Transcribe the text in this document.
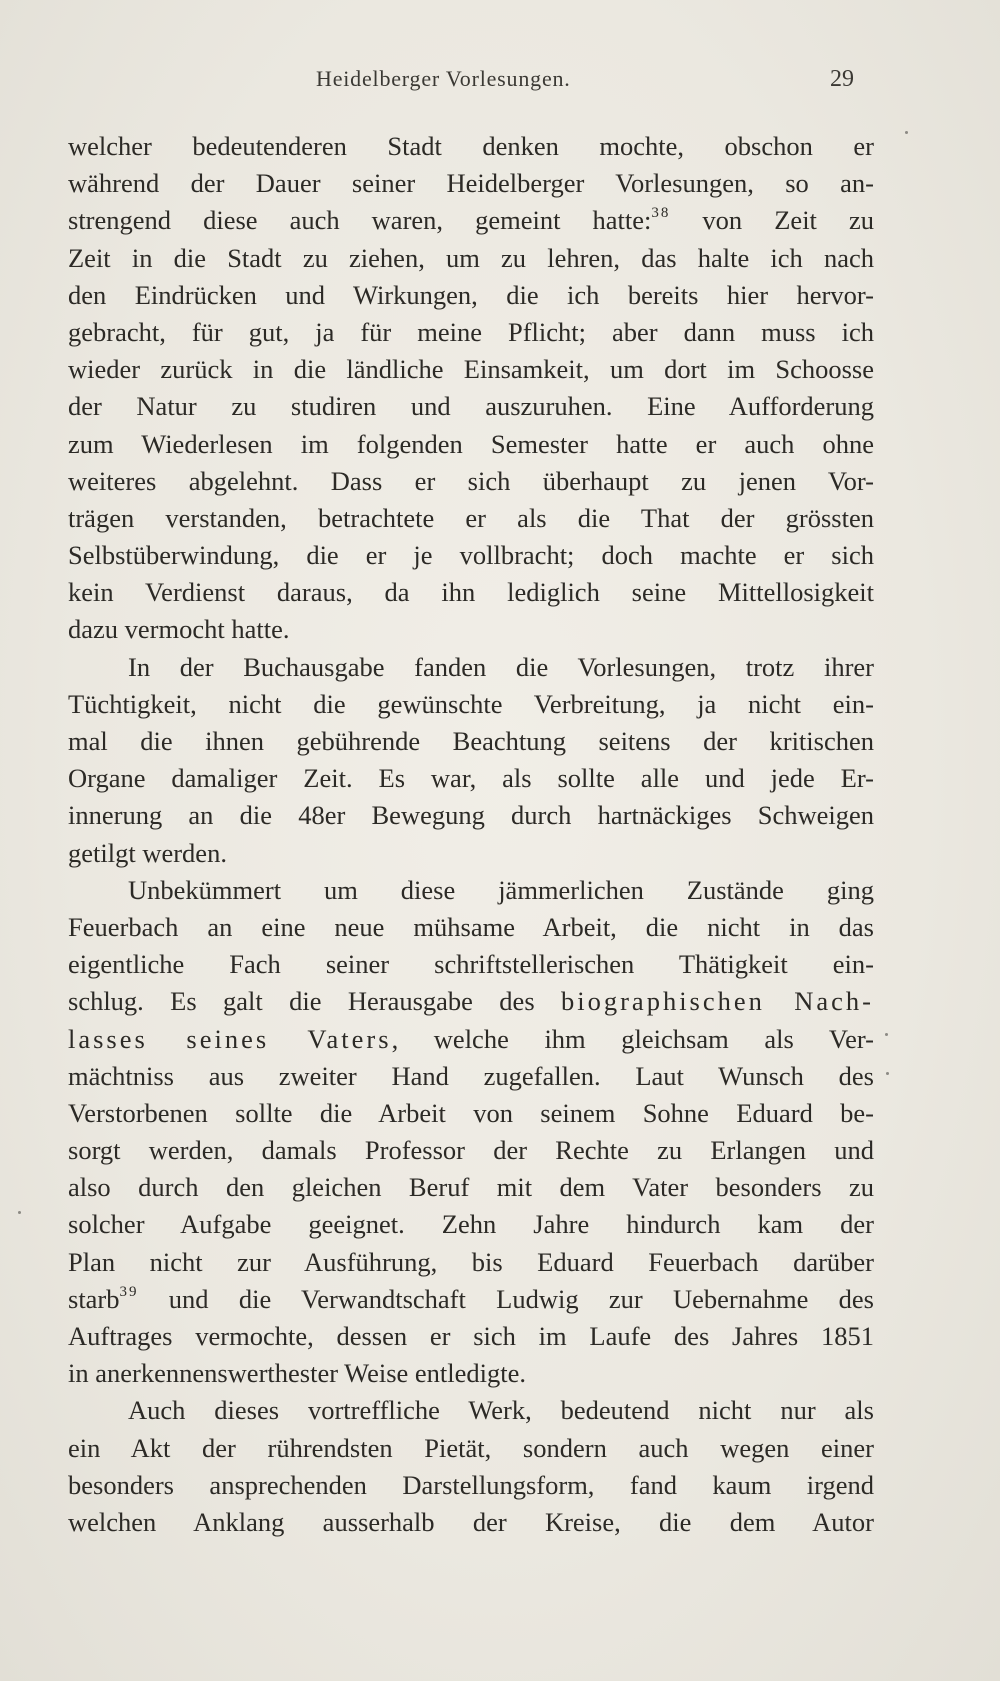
Heidelberger Vorlesungen.	29
welcher bedeutenderen Stadt denken mochte, obschon er
während der Dauer seiner Heidelberger Vorlesungen, so an-
strengend diese auch waren, gemeint hatte:$^{38}$ von Zeit zu
Zeit in die Stadt zu ziehen, um zu lehren, das halte ich nach
den Eindrücken und Wirkungen, die ich bereits hier hervor-
gebracht, für gut, ja für meine Pflicht; aber dann muss ich
wieder zurück in die ländliche Einsamkeit, um dort im Schoosse
der Natur zu studiren und auszuruhen. Eine Aufforderung
zum Wiederlesen im folgenden Semester hatte er auch ohne
weiteres abgelehnt. Dass er sich überhaupt zu jenen Vor-
trägen verstanden, betrachtete er als die That der grössten
Selbstüberwindung, die er je vollbracht; doch machte er sich
kein Verdienst daraus, da ihn lediglich seine Mittellosigkeit
dazu vermocht hatte.
In der Buchausgabe fanden die Vorlesungen, trotz ihrer
Tüchtigkeit, nicht die gewünschte Verbreitung, ja nicht ein-
mal die ihnen gebührende Beachtung seitens der kritischen
Organe damaliger Zeit. Es war, als sollte alle und jede Er-
innerung an die 48er Bewegung durch hartnäckiges Schweigen
getilgt werden.
Unbekümmert um diese jämmerlichen Zustände ging
Feuerbach an eine neue mühsame Arbeit, die nicht in das
eigentliche Fach seiner schriftstellerischen Thätigkeit ein-
schlug. Es galt die Herausgabe des biographischen Nach-
lasses seines Vaters, welche ihm gleichsam als Ver-
mächtniss aus zweiter Hand zugefallen. Laut Wunsch des
Verstorbenen sollte die Arbeit von seinem Sohne Eduard be-
sorgt werden, damals Professor der Rechte zu Erlangen und
also durch den gleichen Beruf mit dem Vater besonders zu
solcher Aufgabe geeignet. Zehn Jahre hindurch kam der
Plan nicht zur Ausführung, bis Eduard Feuerbach darüber
starb$^{39}$ und die Verwandtschaft Ludwig zur Uebernahme des
Auftrages vermochte, dessen er sich im Laufe des Jahres 1851
in anerkennenswerthester Weise entledigte.
Auch dieses vortreffliche Werk, bedeutend nicht nur als
ein Akt der rührendsten Pietät, sondern auch wegen einer
besonders ansprechenden Darstellungsform, fand kaum irgend
welchen Anklang ausserhalb der Kreise, die dem Autor
